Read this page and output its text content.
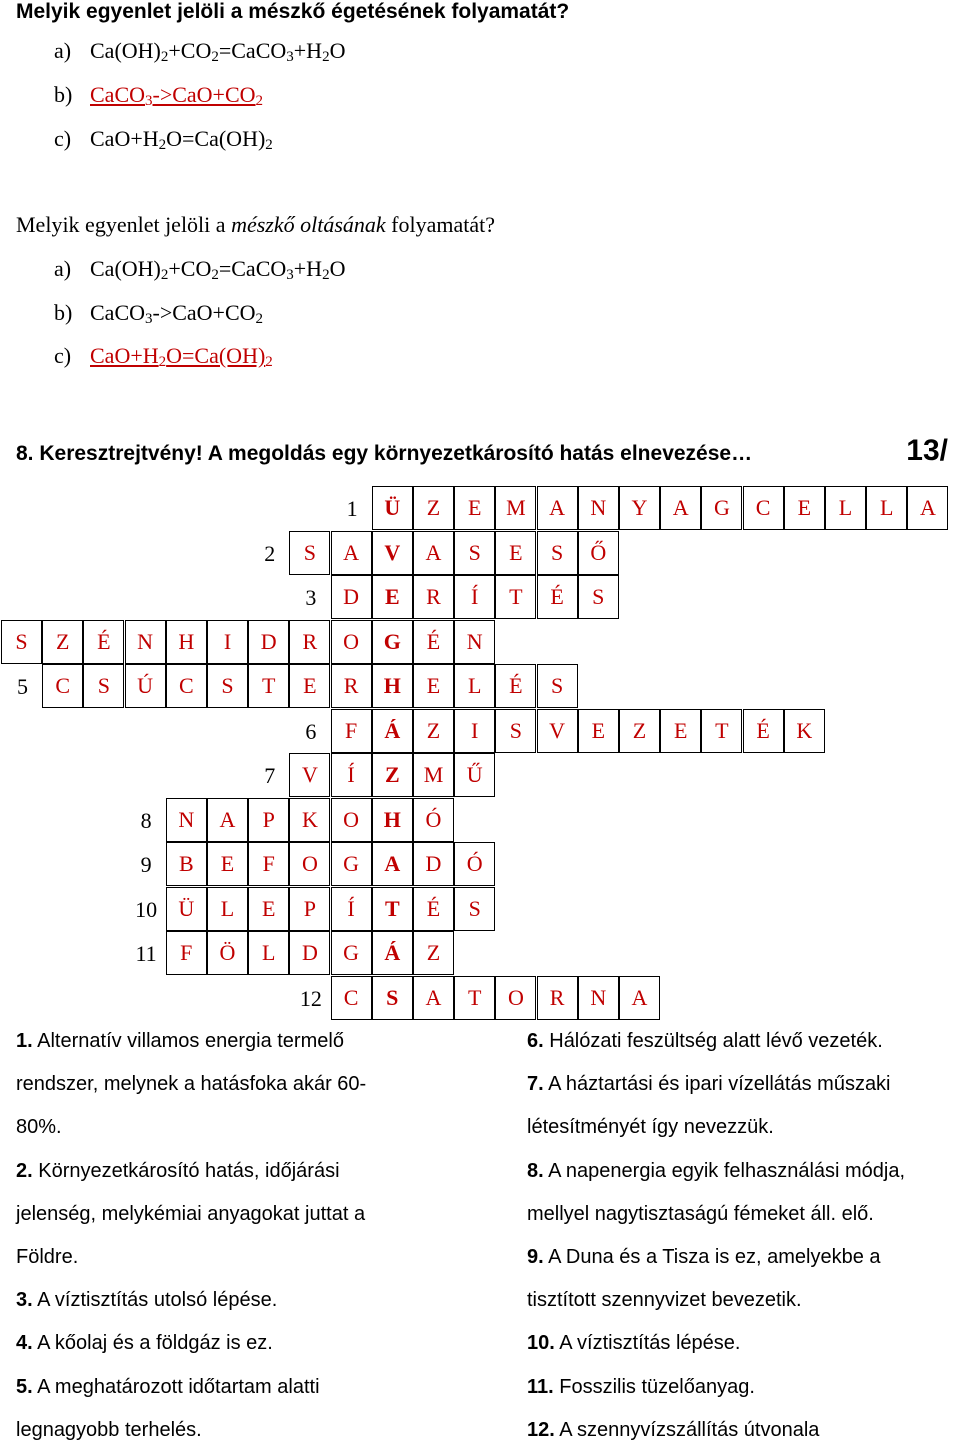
Melyik egyenlet jelöli a mészkő égetésének folyamatát?
a) $Ca(OH)_2+CO_2=CaCO_3+H_2O$
b) $CaCO_3->CaO+CO_2$
c) $CaO+H_2O=Ca(OH)_2$
Melyik egyenlet jelöli a mészkő oltásának folyamatát?
a) $Ca(OH)_2+CO_2=CaCO_3+H_2O$
b) $CaCO_3->CaO+CO_2$
c) $CaO+H_2O=Ca(OH)_2$
8. Keresztrejtvény! A megoldás egy környezetkárosító hatás elnevezése…	13/
1	Ü	Z	E	M	A	N	Y	A	G	C	E	L	L	A
2	S	A	V	A	S	E	S	Ő
3	D	E	R	Í	T	É	S
S	Z	É	N	H	I	D	R	O	G	É	N
5	C	S	Ú	C	S	T	E	R	H	E	L	É	S
6	F	Á	Z	I	S	V	E	Z	E	T	É	K
7	V	Í	Z	M	Ű
8	N	A	P	K	O	H	Ó
9	B	E	F	O	G	A	D	Ó
10 Ü	L	E	P	Í	T	É	S
11	F	Ö	L	D	G	Á	Z
12 C	S	A	T	O	R	N	A
1. Alternatív villamos energia termelő
rendszer, melynek a hatásfoka akár 60-
80%.
2. Környezetkárosító hatás, időjárási
jelenség, melykémiai anyagokat juttat a
Földre.
3. A víztisztítás utolsó lépése.
4. A kőolaj és a földgáz is ez.
5. A meghatározott időtartam alatti
legnagyobb terhelés.
6. Hálózati feszültség alatt lévő vezeték.
7. A háztartási és ipari vízellátás műszaki
létesítményét így nevezzük.
8. A napenergia egyik felhasználási módja,
mellyel nagytisztaságú fémeket áll. elő.
9. A Duna és a Tisza is ez, amelyekbe a
tisztított szennyvizet bevezetik.
10. A víztisztítás lépése.
11. Fosszilis tüzelőanyag.
12. A szennyvízszállítás útvonala
